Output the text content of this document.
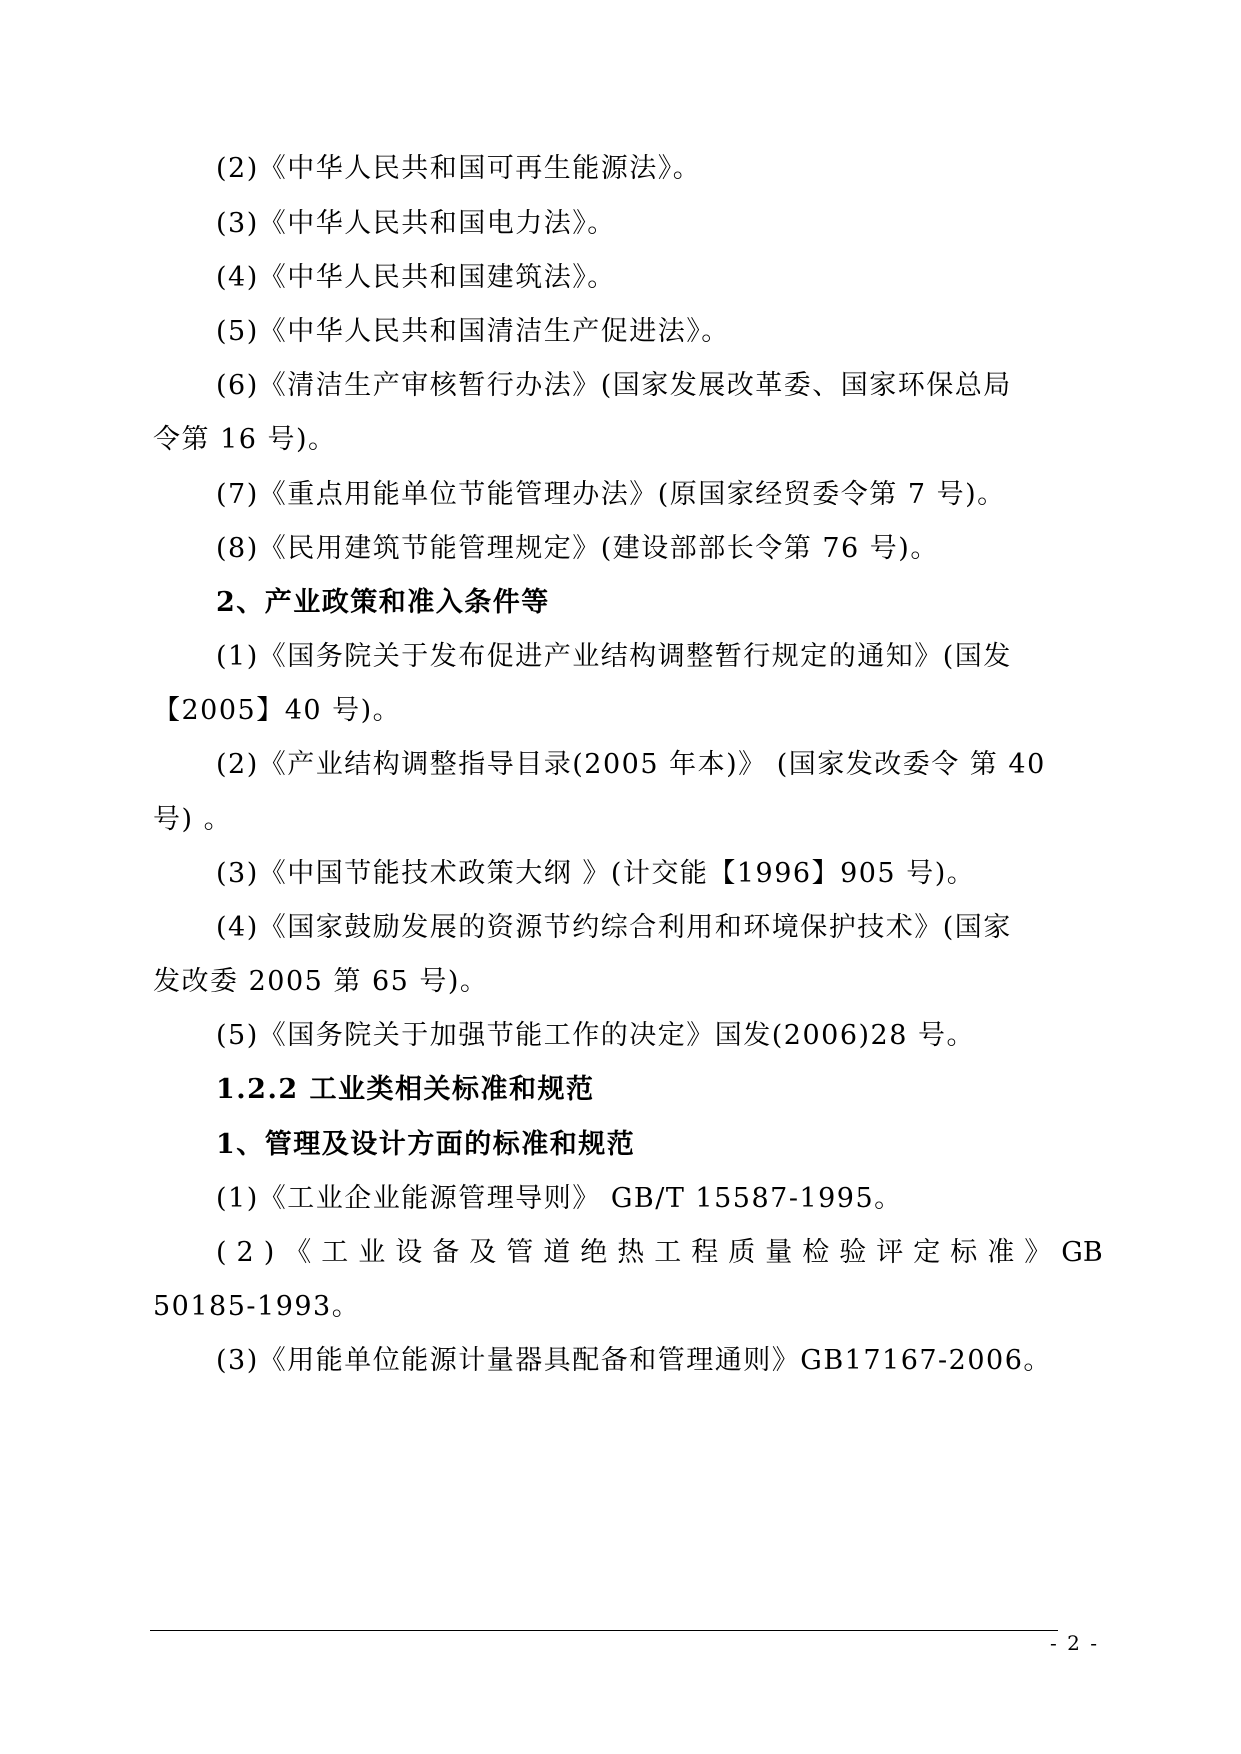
(2)《中华人民共和国可再生能源法》。
(3)《中华人民共和国电力法》。
(4)《中华人民共和国建筑法》。
(5)《中华人民共和国清洁生产促进法》。
(6)《清洁生产审核暂行办法》(国家发展改革委、国家环保总局
令第 16 号)。
(7)《重点用能单位节能管理办法》(原国家经贸委令第 7 号)。
(8)《民用建筑节能管理规定》(建设部部长令第 76 号)。
2、产业政策和准入条件等
(1)《国务院关于发布促进产业结构调整暂行规定的通知》(国发
【2005】40 号)。
(2)《产业结构调整指导目录(2005 年本)》 (国家发改委令 第 40
号) 。
(3)《中国节能技术政策大纲 》(计交能【1996】905 号)。
(4)《国家鼓励发展的资源节约综合利用和环境保护技术》(国家
发改委 2005 第 65 号)。
(5)《国务院关于加强节能工作的决定》国发(2006)28 号。
1.2.2 工业类相关标准和规范
1、管理及设计方面的标准和规范
(1)《工业企业能源管理导则》 GB/T 15587-1995。
( 2 ) 《 工 业 设 备 及 管 道 绝 热 工 程 质 量 检 验 评 定 标 准 》 GB
50185-1993。
(3)《用能单位能源计量器具配备和管理通则》GB17167-2006。
- 2 -
